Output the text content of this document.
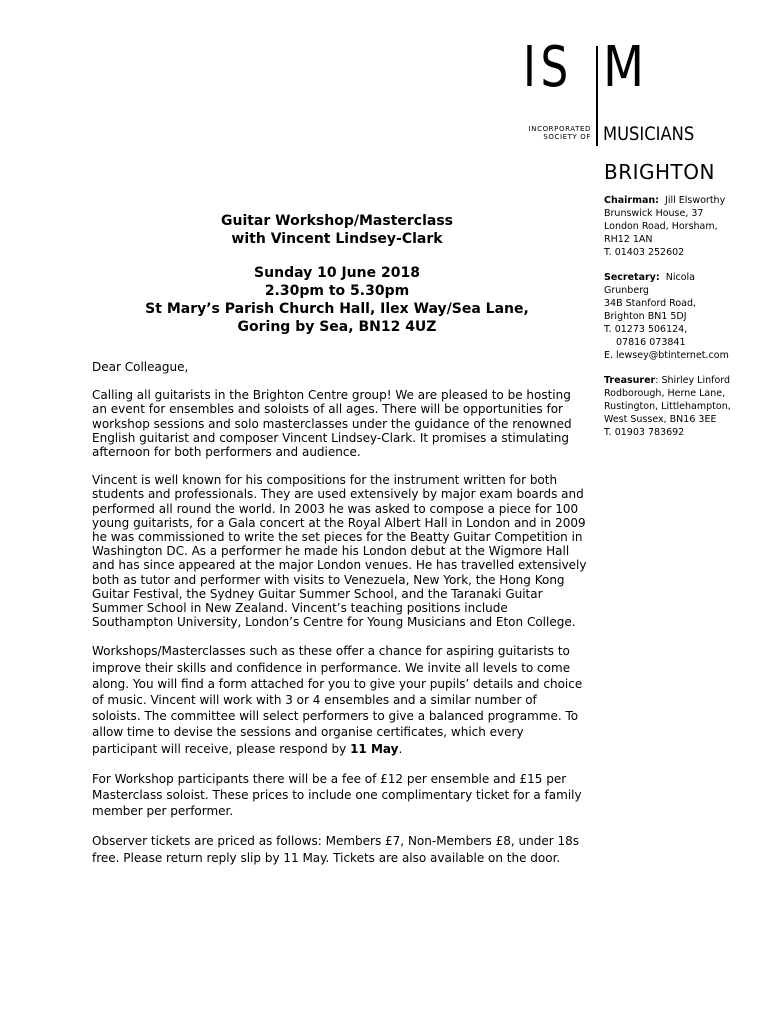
IS
INCORPORATED
SOCIETY OF
M
MUSICIANS
BRIGHTON
Chairman: Jill Elsworthy
Brunswick House, 37
London Road, Horsham,
RH12 1AN
T. 01403 252602
Secretary: Nicola
Grunberg
34B Stanford Road,
Brighton BN1 5DJ
T. 01273 506124,
07816 073841
E. lewsey@btinternet.com
Treasurer: Shirley Linford
Rodborough, Herne Lane,
Rustington, Littlehampton,
West Sussex, BN16 3EE
T. 01903 783692
Guitar Workshop/Masterclass
with Vincent Lindsey-Clark
Sunday 10 June 2018
2.30pm to 5.30pm
St Mary’s Parish Church Hall, Ilex Way/Sea Lane,
Goring by Sea, BN12 4UZ

Dear Colleague,

Calling all guitarists in the Brighton Centre group! We are pleased to be hosting an event for ensembles and soloists of all ages. There will be opportunities for workshop sessions and solo masterclasses under the guidance of the renowned English guitarist and composer Vincent Lindsey-Clark. It promises a stimulating afternoon for both performers and audience.

Vincent is well known for his compositions for the instrument written for both students and professionals. They are used extensively by major exam boards and performed all round the world. In 2003 he was asked to compose a piece for 100 young guitarists, for a Gala concert at the Royal Albert Hall in London and in 2009 he was commissioned to write the set pieces for the Beatty Guitar Competition in Washington DC. As a performer he made his London debut at the Wigmore Hall and has since appeared at the major London venues. He has travelled extensively both as tutor and performer with visits to Venezuela, New York, the Hong Kong Guitar Festival, the Sydney Guitar Summer School, and the Taranaki Guitar Summer School in New Zealand. Vincent’s teaching positions include Southampton University, London’s Centre for Young Musicians and Eton College.

Workshops/Masterclasses such as these offer a chance for aspiring guitarists to improve their skills and confidence in performance. We invite all levels to come along. You will find a form attached for you to give your pupils’ details and choice of music. Vincent will work with 3 or 4 ensembles and a similar number of soloists. The committee will select performers to give a balanced programme. To allow time to devise the sessions and organise certificates, which every participant will receive, please respond by 11 May.

For Workshop participants there will be a fee of £12 per ensemble and £15 per Masterclass soloist. These prices to include one complimentary ticket for a family member per performer.

Observer tickets are priced as follows: Members £7, Non-Members £8, under 18s free. Please return reply slip by 11 May. Tickets are also available on the door.
